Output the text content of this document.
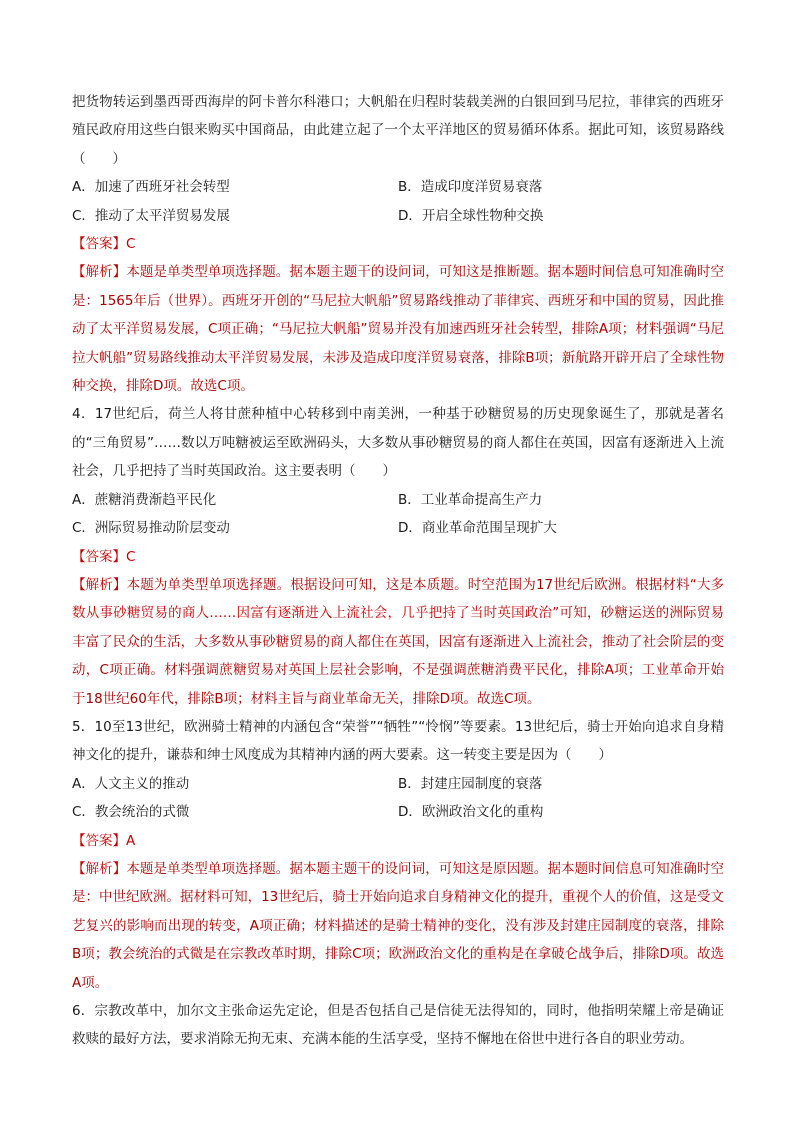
把货物转运到墨西哥西海岸的阿卡普尔科港口；大帆船在归程时装载美洲的白银回到马尼拉，菲律宾的西班牙殖民政府用这些白银来购买中国商品，由此建立起了一个太平洋地区的贸易循环体系。据此可知，该贸易路线（　　）

A．加速了西班牙社会转型	B．造成印度洋贸易衰落
C．推动了太平洋贸易发展	D．开启全球性物种交换

【答案】C

【解析】本题是单类型单项选择题。据本题主题干的设问词，可知这是推断题。据本题时间信息可知准确时空是：1565年后（世界）。西班牙开创的“马尼拉大帆船”贸易路线推动了菲律宾、西班牙和中国的贸易，因此推动了太平洋贸易发展，C项正确；“马尼拉大帆船”贸易并没有加速西班牙社会转型，排除A项；材料强调“马尼拉大帆船”贸易路线推动太平洋贸易发展，未涉及造成印度洋贸易衰落，排除B项；新航路开辟开启了全球性物种交换，排除D项。故选C项。

4．17世纪后，荷兰人将甘蔗种植中心转移到中南美洲，一种基于砂糖贸易的历史现象诞生了，那就是著名的“三角贸易”……数以万吨糖被运至欧洲码头，大多数从事砂糖贸易的商人都住在英国，因富有逐渐进入上流社会，几乎把持了当时英国政治。这主要表明（　　）

A．蔗糖消费渐趋平民化	B．工业革命提高生产力
C．洲际贸易推动阶层变动	D．商业革命范围呈现扩大

【答案】C

【解析】本题为单类型单项选择题。根据设问可知，这是本质题。时空范围为17世纪后欧洲。根据材料“大多数从事砂糖贸易的商人……因富有逐渐进入上流社会，几乎把持了当时英国政治”可知，砂糖运送的洲际贸易丰富了民众的生活，大多数从事砂糖贸易的商人都住在英国，因富有逐渐进入上流社会，推动了社会阶层的变动，C项正确。材料强调蔗糖贸易对英国上层社会影响，不是强调蔗糖消费平民化，排除A项；工业革命开始于18世纪60年代，排除B项；材料主旨与商业革命无关，排除D项。故选C项。

5．10至13世纪，欧洲骑士精神的内涵包含“荣誉”“牺牲”“怜悯”等要素。13世纪后，骑士开始向追求自身精神文化的提升，谦恭和绅士风度成为其精神内涵的两大要素。这一转变主要是因为（　　）

A．人文主义的推动	B．封建庄园制度的衰落
C．教会统治的式微	D．欧洲政治文化的重构

【答案】A

【解析】本题是单类型单项选择题。据本题主题干的设问词，可知这是原因题。据本题时间信息可知准确时空是：中世纪欧洲。据材料可知，13世纪后，骑士开始向追求自身精神文化的提升，重视个人的价值，这是受文艺复兴的影响而出现的转变，A项正确；材料描述的是骑士精神的变化，没有涉及封建庄园制度的衰落，排除B项；教会统治的式微是在宗教改革时期，排除C项；欧洲政治文化的重构是在拿破仑战争后，排除D项。故选A项。

6．宗教改革中，加尔文主张命运先定论，但是否包括自己是信徒无法得知的，同时，他指明荣耀上帝是确证救赎的最好方法，要求消除无拘无束、充满本能的生活享受，坚持不懈地在俗世中进行各自的职业劳动。
